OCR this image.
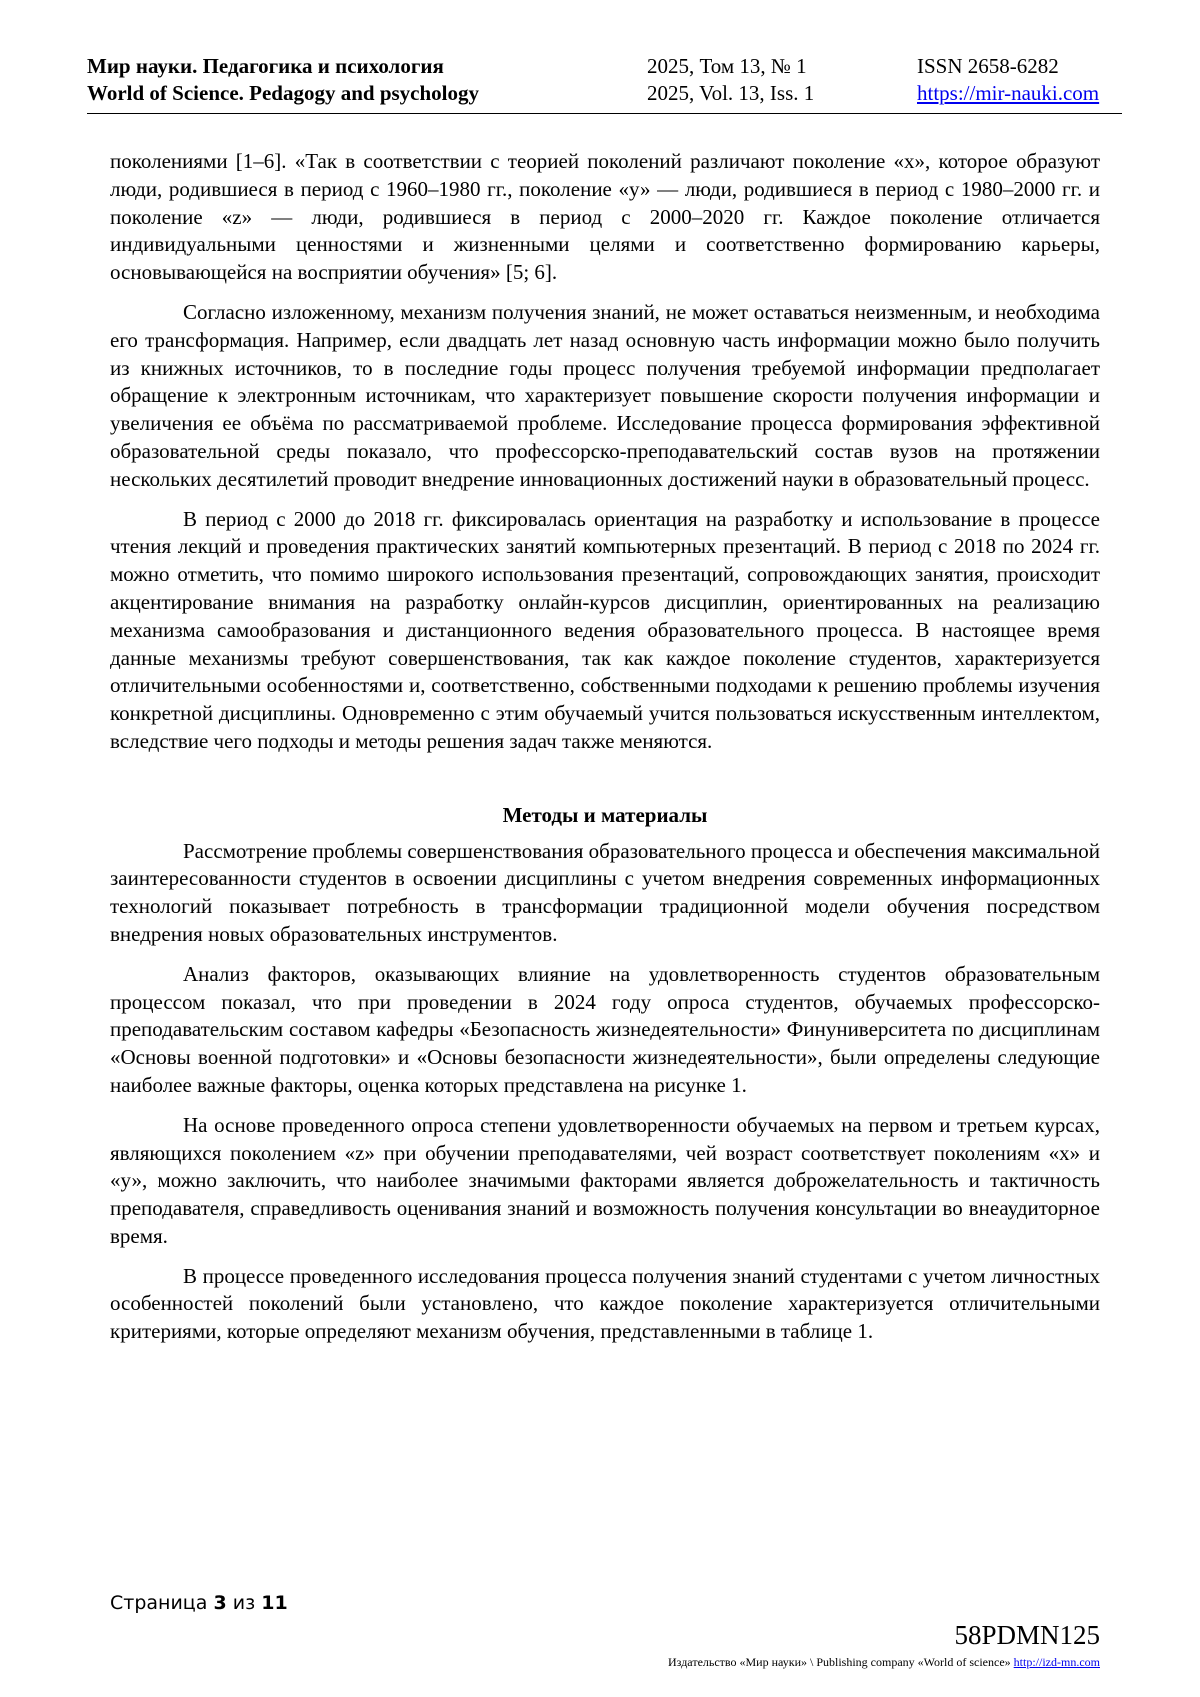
Мир науки. Педагогика и психология
World of Science. Pedagogy and psychology
2025, Том 13, № 1
2025, Vol. 13, Iss. 1
ISSN 2658-6282
https://mir-nauki.com

поколениями [1–6]. «Так в соответствии с теорией поколений различают поколение «х», которое образуют люди, родившиеся в период с 1960–1980 гг., поколение «у» — люди, родившиеся в период с 1980–2000 гг. и поколение «z» — люди, родившиеся в период с 2000–2020 гг. Каждое поколение отличается индивидуальными ценностями и жизненными целями и соответственно формированию карьеры, основывающейся на восприятии обучения» [5; 6].

Согласно изложенному, механизм получения знаний, не может оставаться неизменным, и необходима его трансформация. Например, если двадцать лет назад основную часть информации можно было получить из книжных источников, то в последние годы процесс получения требуемой информации предполагает обращение к электронным источникам, что характеризует повышение скорости получения информации и увеличения ее объёма по рассматриваемой проблеме. Исследование процесса формирования эффективной образовательной среды показало, что профессорско-преподавательский состав вузов на протяжении нескольких десятилетий проводит внедрение инновационных достижений науки в образовательный процесс.

В период с 2000 до 2018 гг. фиксировалась ориентация на разработку и использование в процессе чтения лекций и проведения практических занятий компьютерных презентаций. В период с 2018 по 2024 гг. можно отметить, что помимо широкого использования презентаций, сопровождающих занятия, происходит акцентирование внимания на разработку онлайн-курсов дисциплин, ориентированных на реализацию механизма самообразования и дистанционного ведения образовательного процесса. В настоящее время данные механизмы требуют совершенствования, так как каждое поколение студентов, характеризуется отличительными особенностями и, соответственно, собственными подходами к решению проблемы изучения конкретной дисциплины. Одновременно с этим обучаемый учится пользоваться искусственным интеллектом, вследствие чего подходы и методы решения задач также меняются.

Методы и материалы

Рассмотрение проблемы совершенствования образовательного процесса и обеспечения максимальной заинтересованности студентов в освоении дисциплины с учетом внедрения современных информационных технологий показывает потребность в трансформации традиционной модели обучения посредством внедрения новых образовательных инструментов.

Анализ факторов, оказывающих влияние на удовлетворенность студентов образовательным процессом показал, что при проведении в 2024 году опроса студентов, обучаемых профессорско-преподавательским составом кафедры «Безопасность жизнедеятельности» Финуниверситета по дисциплинам «Основы военной подготовки» и «Основы безопасности жизнедеятельности», были определены следующие наиболее важные факторы, оценка которых представлена на рисунке 1.

На основе проведенного опроса степени удовлетворенности обучаемых на первом и третьем курсах, являющихся поколением «z» при обучении преподавателями, чей возраст соответствует поколениям «х» и «у», можно заключить, что наиболее значимыми факторами является доброжелательность и тактичность преподавателя, справедливость оценивания знаний и возможность получения консультации во внеаудиторное время.

В процессе проведенного исследования процесса получения знаний студентами с учетом личностных особенностей поколений были установлено, что каждое поколение характеризуется отличительными критериями, которые определяют механизм обучения, представленными в таблице 1.

Страница 3 из 11
58PDMN125
Издательство «Мир науки» \ Publishing company «World of science» http://izd-mn.com
